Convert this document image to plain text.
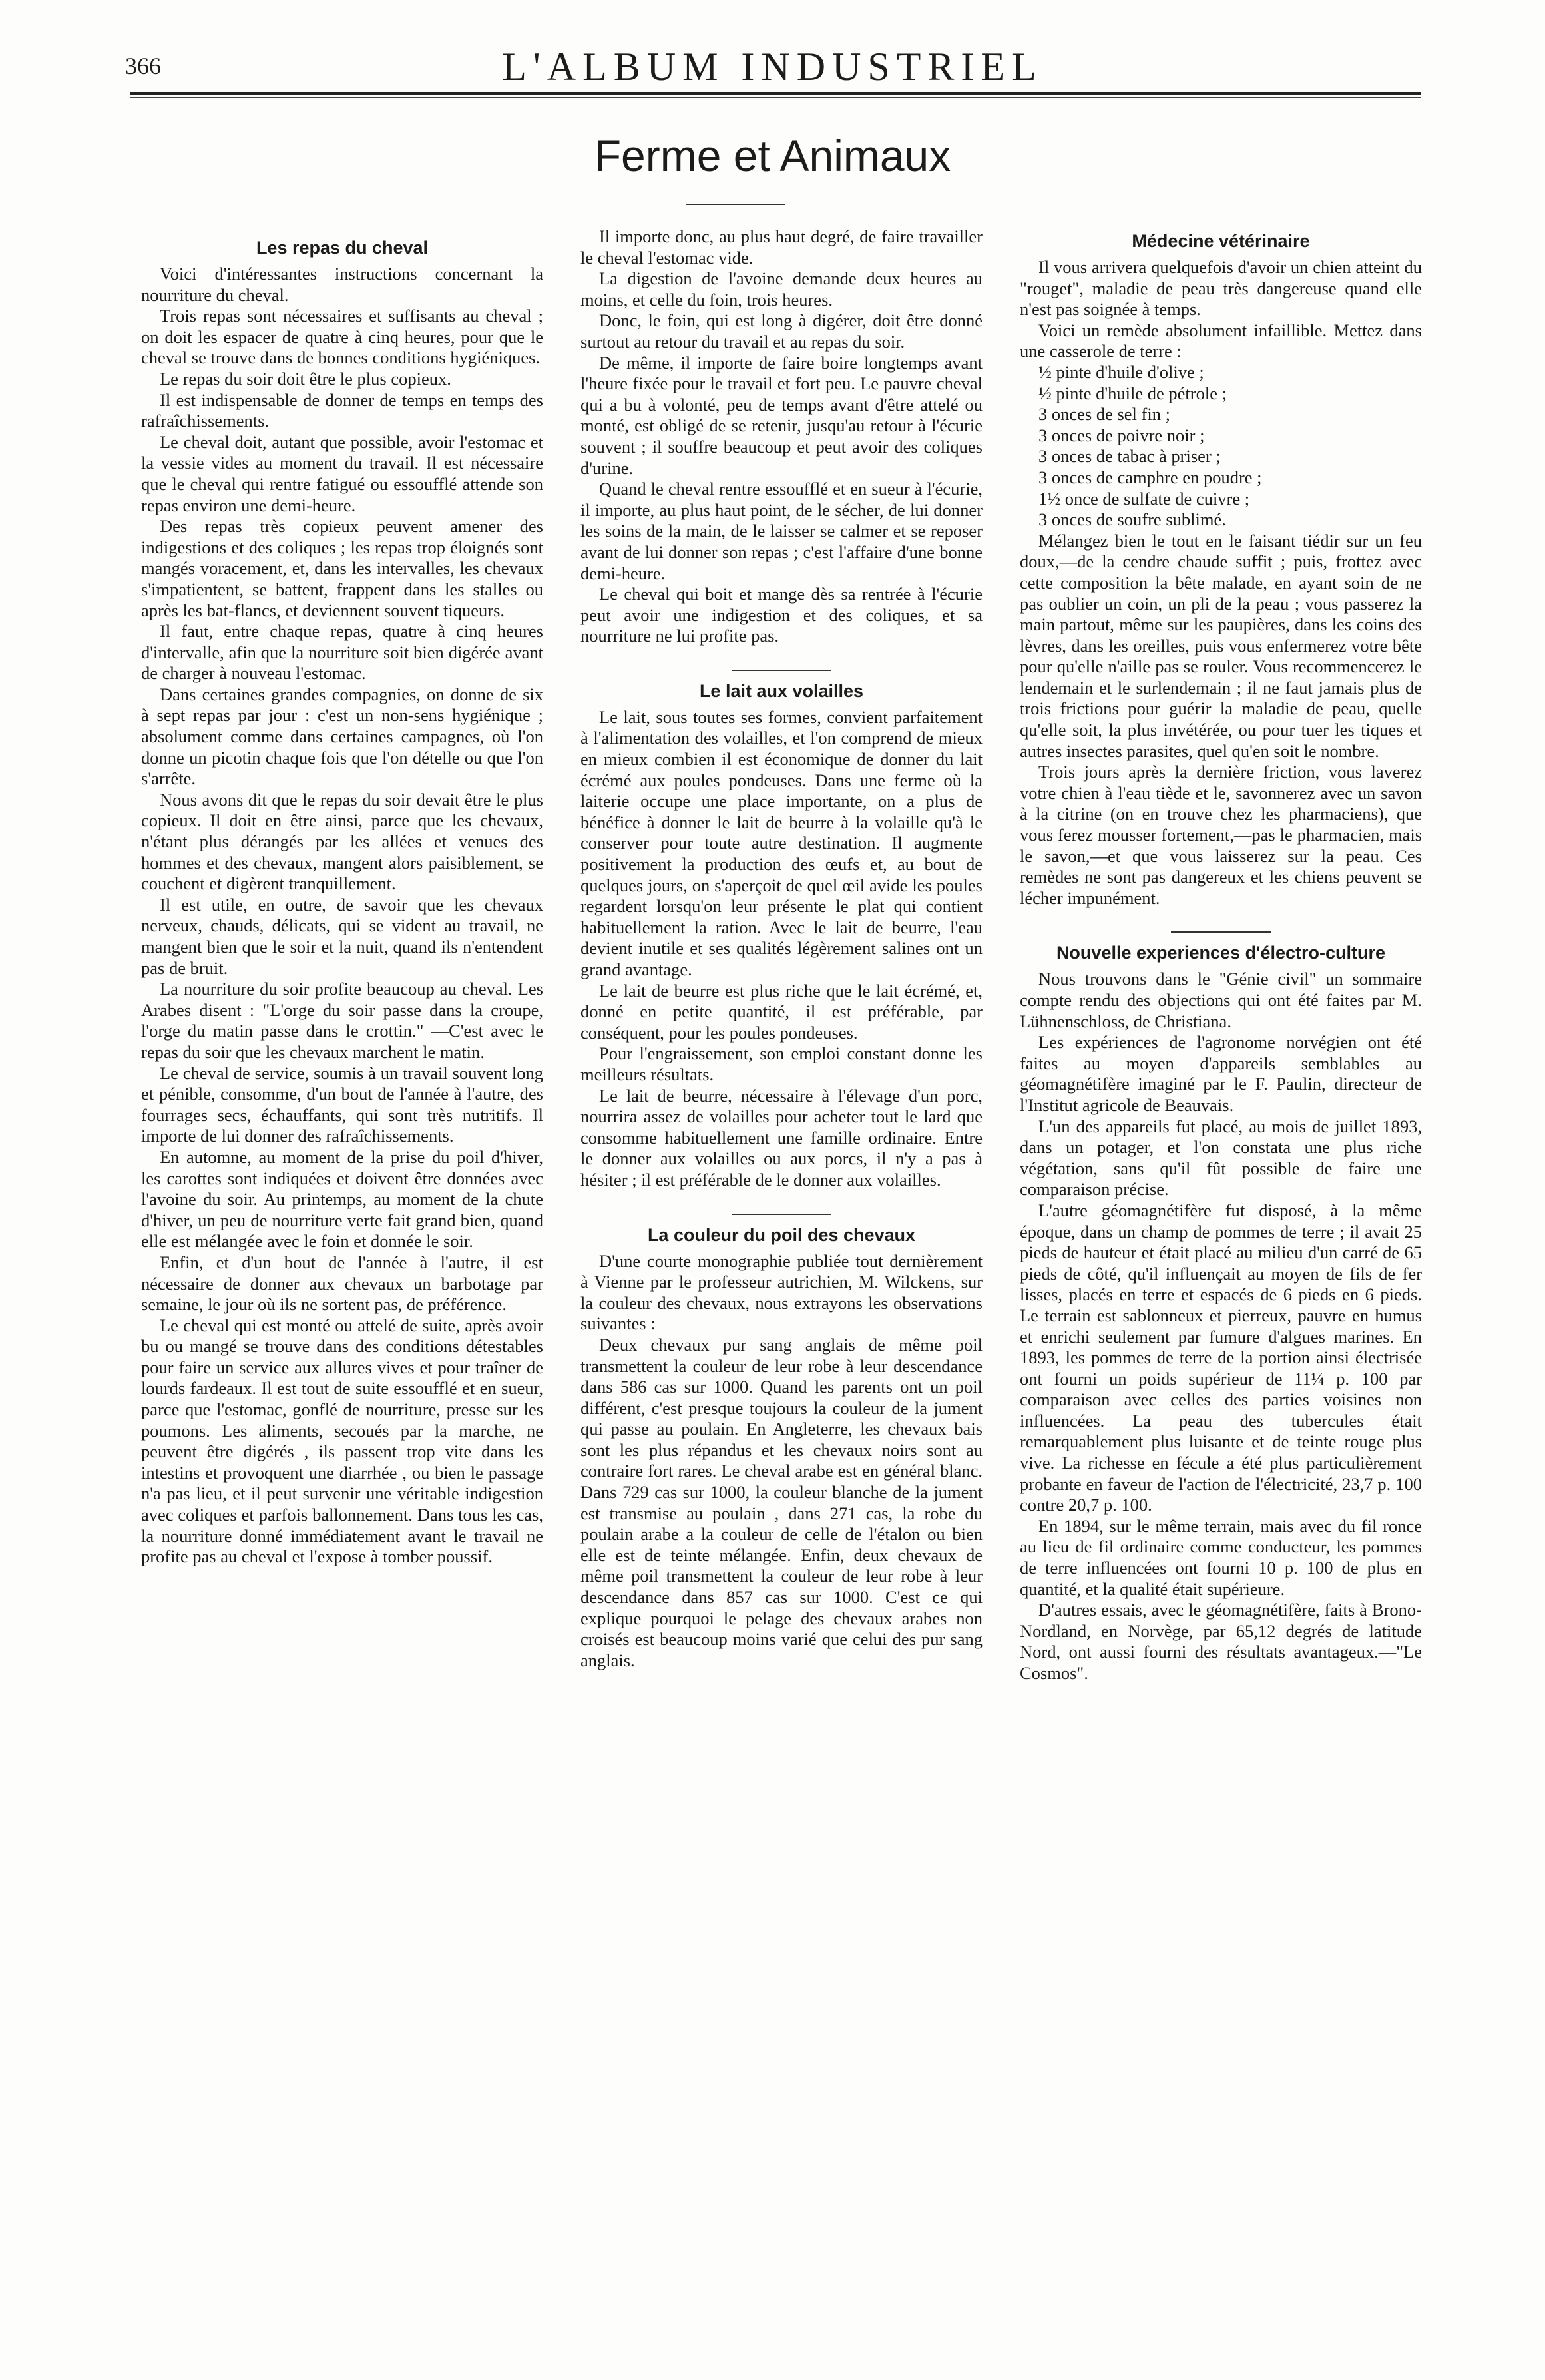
366	L'ALBUM INDUSTRIEL
Ferme et Animaux
Les repas du cheval

Voici d'intéressantes instructions concernant la nourriture du cheval.

Trois repas sont nécessaires et suffisants au cheval ; on doit les espacer de quatre à cinq heures, pour que le cheval se trouve dans de bonnes conditions hygiéniques.

Le repas du soir doit être le plus copieux.

Il est indispensable de donner de temps en temps des rafraîchissements.

Le cheval doit, autant que possible, avoir l'estomac et la vessie vides au moment du travail. Il est nécessaire que le cheval qui rentre fatigué ou essoufflé attende son repas environ une demi-heure.

Des repas très copieux peuvent amener des indigestions et des coliques ; les repas trop éloignés sont mangés voracement, et, dans les intervalles, les chevaux s'impatientent, se battent, frappent dans les stalles ou après les bat-flancs, et deviennent souvent tiqueurs.

Il faut, entre chaque repas, quatre à cinq heures d'intervalle, afin que la nourriture soit bien digérée avant de charger à nouveau l'estomac.

Dans certaines grandes compagnies, on donne de six à sept repas par jour : c'est un non-sens hygiénique ; absolument comme dans certaines campagnes, où l'on donne un picotin chaque fois que l'on dételle ou que l'on s'arrête.

Nous avons dit que le repas du soir devait être le plus copieux. Il doit en être ainsi, parce que les chevaux, n'étant plus dérangés par les allées et venues des hommes et des chevaux, mangent alors paisiblement, se couchent et digèrent tranquillement.

Il est utile, en outre, de savoir que les chevaux nerveux, chauds, délicats, qui se vident au travail, ne mangent bien que le soir et la nuit, quand ils n'entendent pas de bruit.

La nourriture du soir profite beaucoup au cheval. Les Arabes disent : "L'orge du soir passe dans la croupe, l'orge du matin passe dans le crottin." —C'est avec le repas du soir que les chevaux marchent le matin.

Le cheval de service, soumis à un travail souvent long et pénible, consomme, d'un bout de l'année à l'autre, des fourrages secs, échauffants, qui sont très nutritifs. Il importe de lui donner des rafraîchissements.

En automne, au moment de la prise du poil d'hiver, les carottes sont indiquées et doivent être données avec l'avoine du soir. Au printemps, au moment de la chute d'hiver, un peu de nourriture verte fait grand bien, quand elle est mélangée avec le foin et donnée le soir.

Enfin, et d'un bout de l'année à l'autre, il est nécessaire de donner aux chevaux un barbotage par semaine, le jour où ils ne sortent pas, de préférence.

Le cheval qui est monté ou attelé de suite, après avoir bu ou mangé se trouve dans des conditions détestables pour faire un service aux allures vives et pour traîner de lourds fardeaux. Il est tout de suite essoufflé et en sueur, parce que l'estomac, gonflé de nourriture, presse sur les poumons. Les aliments, secoués par la marche, ne peuvent être digérés , ils passent trop vite dans les intestins et provoquent une diarrhée , ou bien le passage n'a pas lieu, et il peut survenir une véritable indigestion avec coliques et parfois ballonnement. Dans tous les cas, la nourriture donné immédiatement avant le travail ne profite pas au cheval et l'expose à tomber poussif.

Il importe donc, au plus haut degré, de faire travailler le cheval l'estomac vide.

La digestion de l'avoine demande deux heures au moins, et celle du foin, trois heures.

Donc, le foin, qui est long à digérer, doit être donné surtout au retour du travail et au repas du soir.

De même, il importe de faire boire longtemps avant l'heure fixée pour le travail et fort peu. Le pauvre cheval qui a bu à volonté, peu de temps avant d'être attelé ou monté, est obligé de se retenir, jusqu'au retour à l'écurie souvent ; il souffre beaucoup et peut avoir des coliques d'urine.

Quand le cheval rentre essoufflé et en sueur à l'écurie, il importe, au plus haut point, de le sécher, de lui donner les soins de la main, de le laisser se calmer et se reposer avant de lui donner son repas ; c'est l'affaire d'une bonne demi-heure.

Le cheval qui boit et mange dès sa rentrée à l'écurie peut avoir une indigestion et des coliques, et sa nourriture ne lui profite pas.

Le lait aux volailles

Le lait, sous toutes ses formes, convient parfaitement à l'alimentation des volailles, et l'on comprend de mieux en mieux combien il est économique de donner du lait écrémé aux poules pondeuses. Dans une ferme où la laiterie occupe une place importante, on a plus de bénéfice à donner le lait de beurre à la volaille qu'à le conserver pour toute autre destination. Il augmente positivement la production des œufs et, au bout de quelques jours, on s'aperçoit de quel œil avide les poules regardent lorsqu'on leur présente le plat qui contient habituellement la ration. Avec le lait de beurre, l'eau devient inutile et ses qualités légèrement salines ont un grand avantage.

Le lait de beurre est plus riche que le lait écrémé, et, donné en petite quantité, il est préférable, par conséquent, pour les poules pondeuses.

Pour l'engraissement, son emploi constant donne les meilleurs résultats.

Le lait de beurre, nécessaire à l'élevage d'un porc, nourrira assez de volailles pour acheter tout le lard que consomme habituellement une famille ordinaire. Entre le donner aux volailles ou aux porcs, il n'y a pas à hésiter ; il est préférable de le donner aux volailles.

La couleur du poil des chevaux

D'une courte monographie publiée tout dernièrement à Vienne par le professeur autrichien, M. Wilckens, sur la couleur des chevaux, nous extrayons les observations suivantes :

Deux chevaux pur sang anglais de même poil transmettent la couleur de leur robe à leur descendance dans 586 cas sur 1000. Quand les parents ont un poil différent, c'est presque toujours la couleur de la jument qui passe au poulain. En Angleterre, les chevaux bais sont les plus répandus et les chevaux noirs sont au contraire fort rares. Le cheval arabe est en général blanc. Dans 729 cas sur 1000, la couleur blanche de la jument est transmise au poulain , dans 271 cas, la robe du poulain arabe a la couleur de celle de l'étalon ou bien elle est de teinte mélangée. Enfin, deux chevaux de même poil transmettent la couleur de leur robe à leur descendance dans 857 cas sur 1000. C'est ce qui explique pourquoi le pelage des chevaux arabes non croisés est beaucoup moins varié que celui des pur sang anglais.

Médecine vétérinaire

Il vous arrivera quelquefois d'avoir un chien atteint du "rouget", maladie de peau très dangereuse quand elle n'est pas soignée à temps.

Voici un remède absolument infaillible. Mettez dans une casserole de terre :

½ pinte d'huile d'olive ;
½ pinte d'huile de pétrole ;
3 onces de sel fin ;
3 onces de poivre noir ;
3 onces de tabac à priser ;
3 onces de camphre en poudre ;
1½ once de sulfate de cuivre ;
3 onces de soufre sublimé.

Mélangez bien le tout en le faisant tiédir sur un feu doux,—de la cendre chaude suffit ; puis, frottez avec cette composition la bête malade, en ayant soin de ne pas oublier un coin, un pli de la peau ; vous passerez la main partout, même sur les paupières, dans les coins des lèvres, dans les oreilles, puis vous enfermerez votre bête pour qu'elle n'aille pas se rouler. Vous recommencerez le lendemain et le surlendemain ; il ne faut jamais plus de trois frictions pour guérir la maladie de peau, quelle qu'elle soit, la plus invétérée, ou pour tuer les tiques et autres insectes parasites, quel qu'en soit le nombre.

Trois jours après la dernière friction, vous laverez votre chien à l'eau tiède et le, savonnerez avec un savon à la citrine (on en trouve chez les pharmaciens), que vous ferez mousser fortement,—pas le pharmacien, mais le savon,—et que vous laisserez sur la peau. Ces remèdes ne sont pas dangereux et les chiens peuvent se lécher impunément.

Nouvelle experiences d'électro-culture

Nous trouvons dans le "Génie civil" un sommaire compte rendu des objections qui ont été faites par M. Lühnenschloss, de Christiana.

Les expériences de l'agronome norvégien ont été faites au moyen d'appareils semblables au géomagnétifère imaginé par le F. Paulin, directeur de l'Institut agricole de Beauvais.

L'un des appareils fut placé, au mois de juillet 1893, dans un potager, et l'on constata une plus riche végétation, sans qu'il fût possible de faire une comparaison précise.

L'autre géomagnétifère fut disposé, à la même époque, dans un champ de pommes de terre ; il avait 25 pieds de hauteur et était placé au milieu d'un carré de 65 pieds de côté, qu'il influençait au moyen de fils de fer lisses, placés en terre et espacés de 6 pieds en 6 pieds. Le terrain est sablonneux et pierreux, pauvre en humus et enrichi seulement par fumure d'algues marines. En 1893, les pommes de terre de la portion ainsi électrisée ont fourni un poids supérieur de 11¼ p. 100 par comparaison avec celles des parties voisines non influencées. La peau des tubercules était remarquablement plus luisante et de teinte rouge plus vive. La richesse en fécule a été plus particulièrement probante en faveur de l'action de l'électricité, 23,7 p. 100 contre 20,7 p. 100.

En 1894, sur le même terrain, mais avec du fil ronce au lieu de fil ordinaire comme conducteur, les pommes de terre influencées ont fourni 10 p. 100 de plus en quantité, et la qualité était supérieure.

D'autres essais, avec le géomagnétifère, faits à Brono-Nordland, en Norvège, par 65,12 degrés de latitude Nord, ont aussi fourni des résultats avantageux.—"Le Cosmos".
